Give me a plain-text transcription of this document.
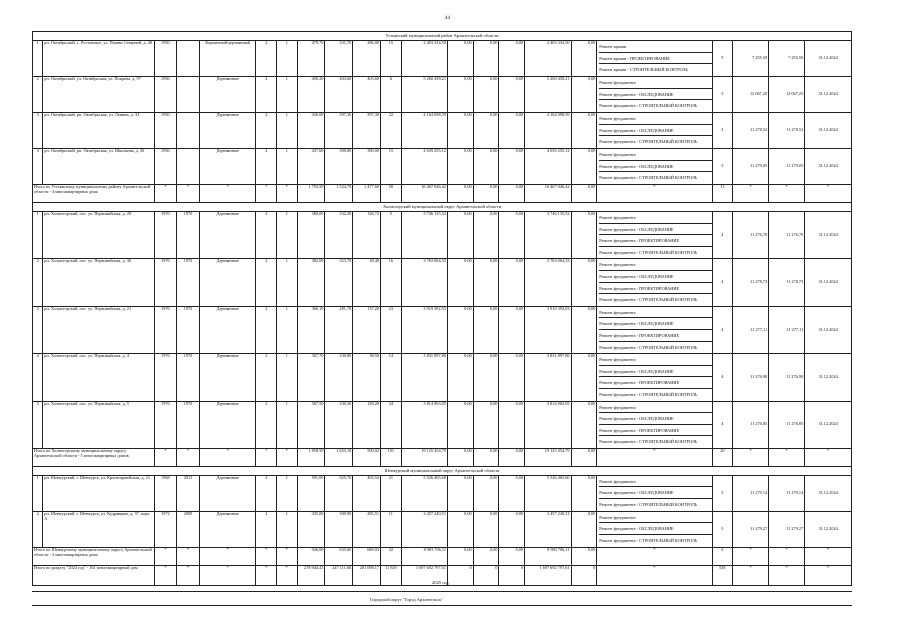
44
Устьянский муниципальный район Архангельской области																					
1	рп. Октябрьский, с. Ростовское, ул. Пашни Северной, д. 48	1950		Кирпичный/деревянный	2	1	479,70	331,70	286,00	15	2 403 334,50	0,00	0,00	0,00	2 403 334,50	0,00	Ремонт крыши
Ремонт крыши - ПРОЕКТИРОВАНИЕ
Ремонт крыши - СТРОИТЕЛЬНЫЙ КОНТРОЛЬ	5	7 255,50	7 255,50	31.12.2024
2	рп. Октябрьский, ул. Октябрьская, ул. Покрова, д. 97	1950		Деревянные	2	1	450,20	403,60	403,60	6	5 260 458,21	0,00	0,00	0,00	5 260 458,21	0,00	Ремонт фундамента
Ремонт фундамента - ОБСЛЕДОВАНИЕ
Ремонт фундамента - СТРОИТЕЛЬНЫЙ КОНТРОЛЬ	3	12 067,25	12 067,25	31.12.2024
3	рп. Октябрьский, рп. Октябрьская, ул. Ленина, д. 33	1950		Деревянные	2	1	436,00	397,30	397,30	22	4 164 098,59	0,00	0,00	0,00	4 164 098,59	0,00	Ремонт фундамента
Ремонт фундамента - ОБСЛЕДОВАНИЕ
Ремонт фундамента - СТРОИТЕЛЬНЫЙ КОНТРОЛЬ	3	11 278,52	11 278,52	31.12.2024
4	рп. Октябрьский, рп. Октябрьская, ул. Школьная, д. 36	1950		Деревянные	2	1	437,60	390,00	390,00	15	4 639 255,12	0,00	0,00	0,00	4 639 255,12	0,00	Ремонт фундамента
Ремонт фундамента - ОБСЛЕДОВАНИЕ
Ремонт фундамента - СТРОИТЕЛЬНЫЙ КОНТРОЛЬ	3	11 279,05	11 279,05	31.12.2024
Итого по Устьянскому муниципальному району Архангельской области - 4 многоквартирных дома		*	*	*	*	*	1 793,50	1 524,70	1 477,60	58	16 467 046,42	0,00	0,00	0,00	16 467 046,42	0,00	*	13	*	*	*
Холмогорский муниципальный округ Архангельской области																					
1	рп. Холмогорский, пос. ул. Первомайская, д. 20	1970	1970	Деревянные	2	1	380,00	332,20	126,72	5	3 746 135,52	0,00	0,00	0,00	3 746 135,52	0,00	Ремонт фундамента
Ремонт фундамента - ОБСЛЕДОВАНИЕ
Ремонт фундамента - ПРОЕКТИРОВАНИЕ
Ремонт фундамента - СТРОИТЕЛЬНЫЙ КОНТРОЛЬ	4	11 276,70	11 276,70	31.12.2024
2	рп. Холмогорский, пос. ул. Первомайская, д. 36	1970	1970	Деревянные	2	1	382,00	323,70	38,40	16	3 763 064,33	0,00	0,00	0,00	3 763 064,33	0,00	Ремонт фундамента
Ремонт фундамента - ОБСЛЕДОВАНИЕ
Ремонт фундамента - ПРОЕКТИРОВАНИЕ
Ремонт фундамента - СТРОИТЕЛЬНЫЙ КОНТРОЛЬ	4	11 278,73	11 278,73	31.12.2024
3	рп. Холмогорский, пос. ул. Первомайская, д. 21	1970	1970	Деревянные	2	1	366,10	281,70	137,20	23	3 919 392,03	0,00	0,00	0,00	3 919 392,03	0,00	Ремонт фундамента
Ремонт фундамента - ОБСЛЕДОВАНИЕ
Ремонт фундамента - ПРОЕКТИРОВАНИЕ
Ремонт фундамента - СТРОИТЕЛЬНЫЙ КОНТРОЛЬ	4	11 277,11	11 277,11	31.12.2024
4	рп. Холмогорский, пос. ул. Первомайская, д. 4	1970	1970	Деревянные	2	1	367,70	330,80	38,50	14	3 831 897,86	0,00	0,00	0,00	3 831 897,86	0,00	Ремонт фундамента
Ремонт фундамента - ОБСЛЕДОВАНИЕ
Ремонт фундамента - ПРОЕКТИРОВАНИЕ
Ремонт фундамента - СТРОИТЕЛЬНЫЙ КОНТРОЛЬ	4	11 276,90	11 276,90	31.12.2024
5	рп. Холмогорский, пос. ул. Первомайская, д. 5	1970	1970	Деревянные	2	1	367,50	330,30	130,20	34	3 814 963,05	0,00	0,00	0,00	3 814 963,05	0,00	Ремонт фундамента
Ремонт фундамента - ОБСЛЕДОВАНИЕ
Ремонт фундамента - ПРОЕКТИРОВАНИЕ
Ремонт фундамента - СТРОИТЕЛЬНЫЙ КОНТРОЛЬ	4	11 276,85	11 276,85	31.12.2024
Итого по Холмогорскому муниципальному округу Архангельской области - 5 многоквартирных домов		*	*	*	*	*	1 858,50	1 653,10	509,02	101	19 125 454,79	0,00	0,00	0,00	19 125 454,79	0,00	*	20	*	*	*
Шенкурский муниципальный округ Архангельской области																					
1	рп. Шенкурский, г. Шенкурск, ул. Красноармейская, д. 21	1968	2013	Деревянные	2	1	591,00	325,70	403,52	21	5 526 465,60	0,00	0,00	0,00	5 526 465,60	0,00	Ремонт фундамента
Ремонт фундамента - ОБСЛЕДОВАНИЕ
Ремонт фундамента - СТРОИТЕЛЬНЫЙ КОНТРОЛЬ	3	11 279,14	11 279,14	31.12.2024
2	рп. Шенкурский, г. Шенкурск, ул. Кудрявцева, д. 37, корп. А	1972	2009	Деревянные	2	1	335,00	309,90	285,51	11	3 457 240,51	0,00	0,00	0,00	3 457 240,51	0,00	Ремонт фундамента
Ремонт фундамента - ОБСЛЕДОВАНИЕ
Ремонт фундамента - СТРОИТЕЛЬНЫЙ КОНТРОЛЬ	3	11 279,27	11 279,27	31.12.2024
Итого по Шенкурскому муниципальному округу Архангельской области - 2 многоквартирных дома		*	*	*	*	*	926,00	635,60	689,03	32	8 983 706,11	0,00	0,00	0,00	8 983 706,11	0,00	*	6	*	*	*
Итого по разделу "2024 год" - 161 многоквартирный дом		*	*	*	*	*	278 944,41	247 111,68	201 098,17	11 929	1 697 692 797,61	0	0	0	1 697 692 797,61	0	*	538	*	*	*
2025 год
Городской округ "Город Архангельск"
